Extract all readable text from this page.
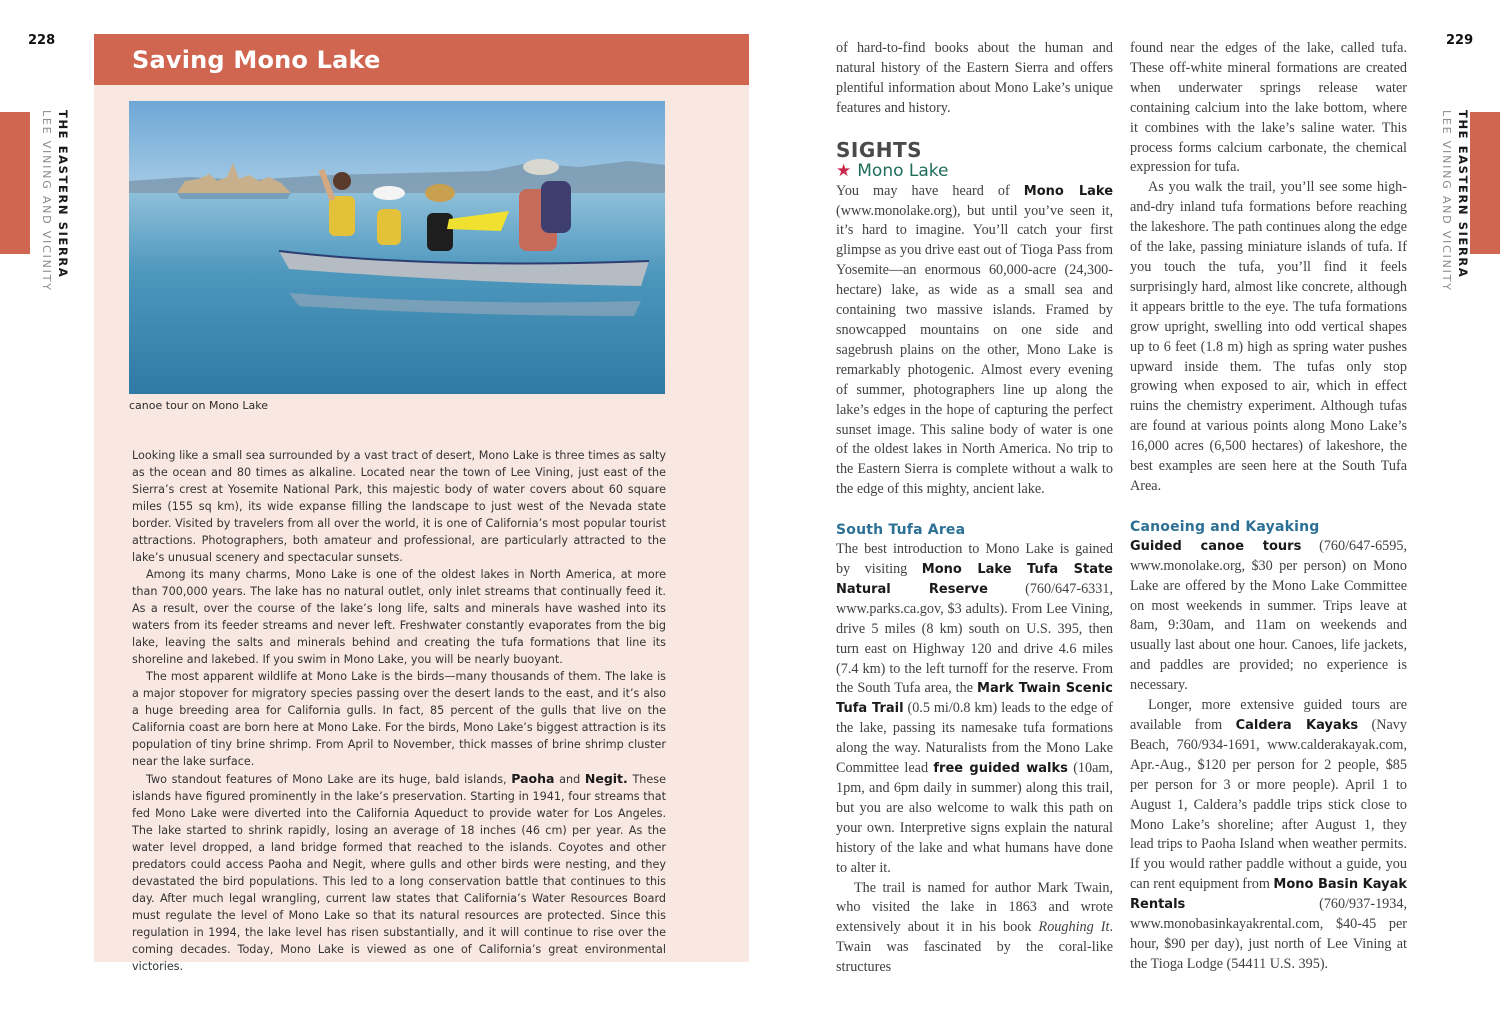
228
THE EASTERN SIERRA
LEE VINING AND VICINITY
Saving Mono Lake
canoe tour on Mono Lake

Looking like a small sea surrounded by a vast tract of desert, Mono Lake is three times as salty as the ocean and 80 times as alkaline. Located near the town of Lee Vining, just east of the Sierra’s crest at Yosemite National Park, this majestic body of water covers about 60 square miles (155 sq km), its wide expanse filling the landscape to just west of the Nevada state border. Visited by travelers from all over the world, it is one of California’s most popular tourist attractions. Photographers, both amateur and professional, are particularly attracted to the lake’s unusual scenery and spectacular sunsets.

Among its many charms, Mono Lake is one of the oldest lakes in North America, at more than 700,000 years. The lake has no natural outlet, only inlet streams that continually feed it. As a result, over the course of the lake’s long life, salts and minerals have washed into its waters from its feeder streams and never left. Freshwater constantly evaporates from the big lake, leaving the salts and minerals behind and creating the tufa formations that line its shoreline and lakebed. If you swim in Mono Lake, you will be nearly buoyant.

The most apparent wildlife at Mono Lake is the birds—many thousands of them. The lake is a major stopover for migratory species passing over the desert lands to the east, and it’s also a huge breeding area for California gulls. In fact, 85 percent of the gulls that live on the California coast are born here at Mono Lake. For the birds, Mono Lake’s biggest attraction is its population of tiny brine shrimp. From April to November, thick masses of brine shrimp cluster near the lake surface.

Two standout features of Mono Lake are its huge, bald islands, Paoha and Negit. These islands have figured prominently in the lake’s preservation. Starting in 1941, four streams that fed Mono Lake were diverted into the California Aqueduct to provide water for Los Angeles. The lake started to shrink rapidly, losing an average of 18 inches (46 cm) per year. As the water level dropped, a land bridge formed that reached to the islands. Coyotes and other predators could access Paoha and Negit, where gulls and other birds were nesting, and they devastated the bird populations. This led to a long conservation battle that continues to this day. After much legal wrangling, current law states that California’s Water Resources Board must regulate the level of Mono Lake so that its natural resources are protected. Since this regulation in 1994, the lake level has risen substantially, and it will continue to rise over the coming decades. Today, Mono Lake is viewed as one of California’s great environmental victories.

229
THE EASTERN SIERRA
LEE VINING AND VICINITY

of hard-to-find books about the human and natural history of the Eastern Sierra and offers plentiful information about Mono Lake’s unique features and history.

SIGHTS
★ Mono Lake

You may have heard of Mono Lake (www.monolake.org), but until you’ve seen it, it’s hard to imagine. You’ll catch your first glimpse as you drive east out of Tioga Pass from Yosemite—an enormous 60,000-acre (24,300-hectare) lake, as wide as a small sea and containing two massive islands. Framed by snowcapped mountains on one side and sagebrush plains on the other, Mono Lake is remarkably photogenic. Almost every evening of summer, photographers line up along the lake’s edges in the hope of capturing the perfect sunset image. This saline body of water is one of the oldest lakes in North America. No trip to the Eastern Sierra is complete without a walk to the edge of this mighty, ancient lake.

South Tufa Area

The best introduction to Mono Lake is gained by visiting Mono Lake Tufa State Natural Reserve (760/647-6331, www.parks.ca.gov, $3 adults). From Lee Vining, drive 5 miles (8 km) south on U.S. 395, then turn east on Highway 120 and drive 4.6 miles (7.4 km) to the left turnoff for the reserve. From the South Tufa area, the Mark Twain Scenic Tufa Trail (0.5 mi/0.8 km) leads to the edge of the lake, passing its namesake tufa formations along the way. Naturalists from the Mono Lake Committee lead free guided walks (10am, 1pm, and 6pm daily in summer) along this trail, but you are also welcome to walk this path on your own. Interpretive signs explain the natural history of the lake and what humans have done to alter it.

The trail is named for author Mark Twain, who visited the lake in 1863 and wrote extensively about it in his book Roughing It. Twain was fascinated by the coral-like structures

found near the edges of the lake, called tufa. These off-white mineral formations are created when underwater springs release water containing calcium into the lake bottom, where it combines with the lake’s saline water. This process forms calcium carbonate, the chemical expression for tufa.

As you walk the trail, you’ll see some high-and-dry inland tufa formations before reaching the lakeshore. The path continues along the edge of the lake, passing miniature islands of tufa. If you touch the tufa, you’ll find it feels surprisingly hard, almost like concrete, although it appears brittle to the eye. The tufa formations grow upright, swelling into odd vertical shapes up to 6 feet (1.8 m) high as spring water pushes upward inside them. The tufas only stop growing when exposed to air, which in effect ruins the chemistry experiment. Although tufas are found at various points along Mono Lake’s 16,000 acres (6,500 hectares) of lakeshore, the best examples are seen here at the South Tufa Area.

Canoeing and Kayaking

Guided canoe tours (760/647-6595, www.monolake.org, $30 per person) on Mono Lake are offered by the Mono Lake Committee on most weekends in summer. Trips leave at 8am, 9:30am, and 11am on weekends and usually last about one hour. Canoes, life jackets, and paddles are provided; no experience is necessary.

Longer, more extensive guided tours are available from Caldera Kayaks (Navy Beach, 760/934-1691, www.calderakayak.com, Apr.-Aug., $120 per person for 2 people, $85 per person for 3 or more people). April 1 to August 1, Caldera’s paddle trips stick close to Mono Lake’s shoreline; after August 1, they lead trips to Paoha Island when weather permits. If you would rather paddle without a guide, you can rent equipment from Mono Basin Kayak Rentals (760/937-1934, www.monobasinkayakrental.com, $40-45 per hour, $90 per day), just north of Lee Vining at the Tioga Lodge (54411 U.S. 395).
